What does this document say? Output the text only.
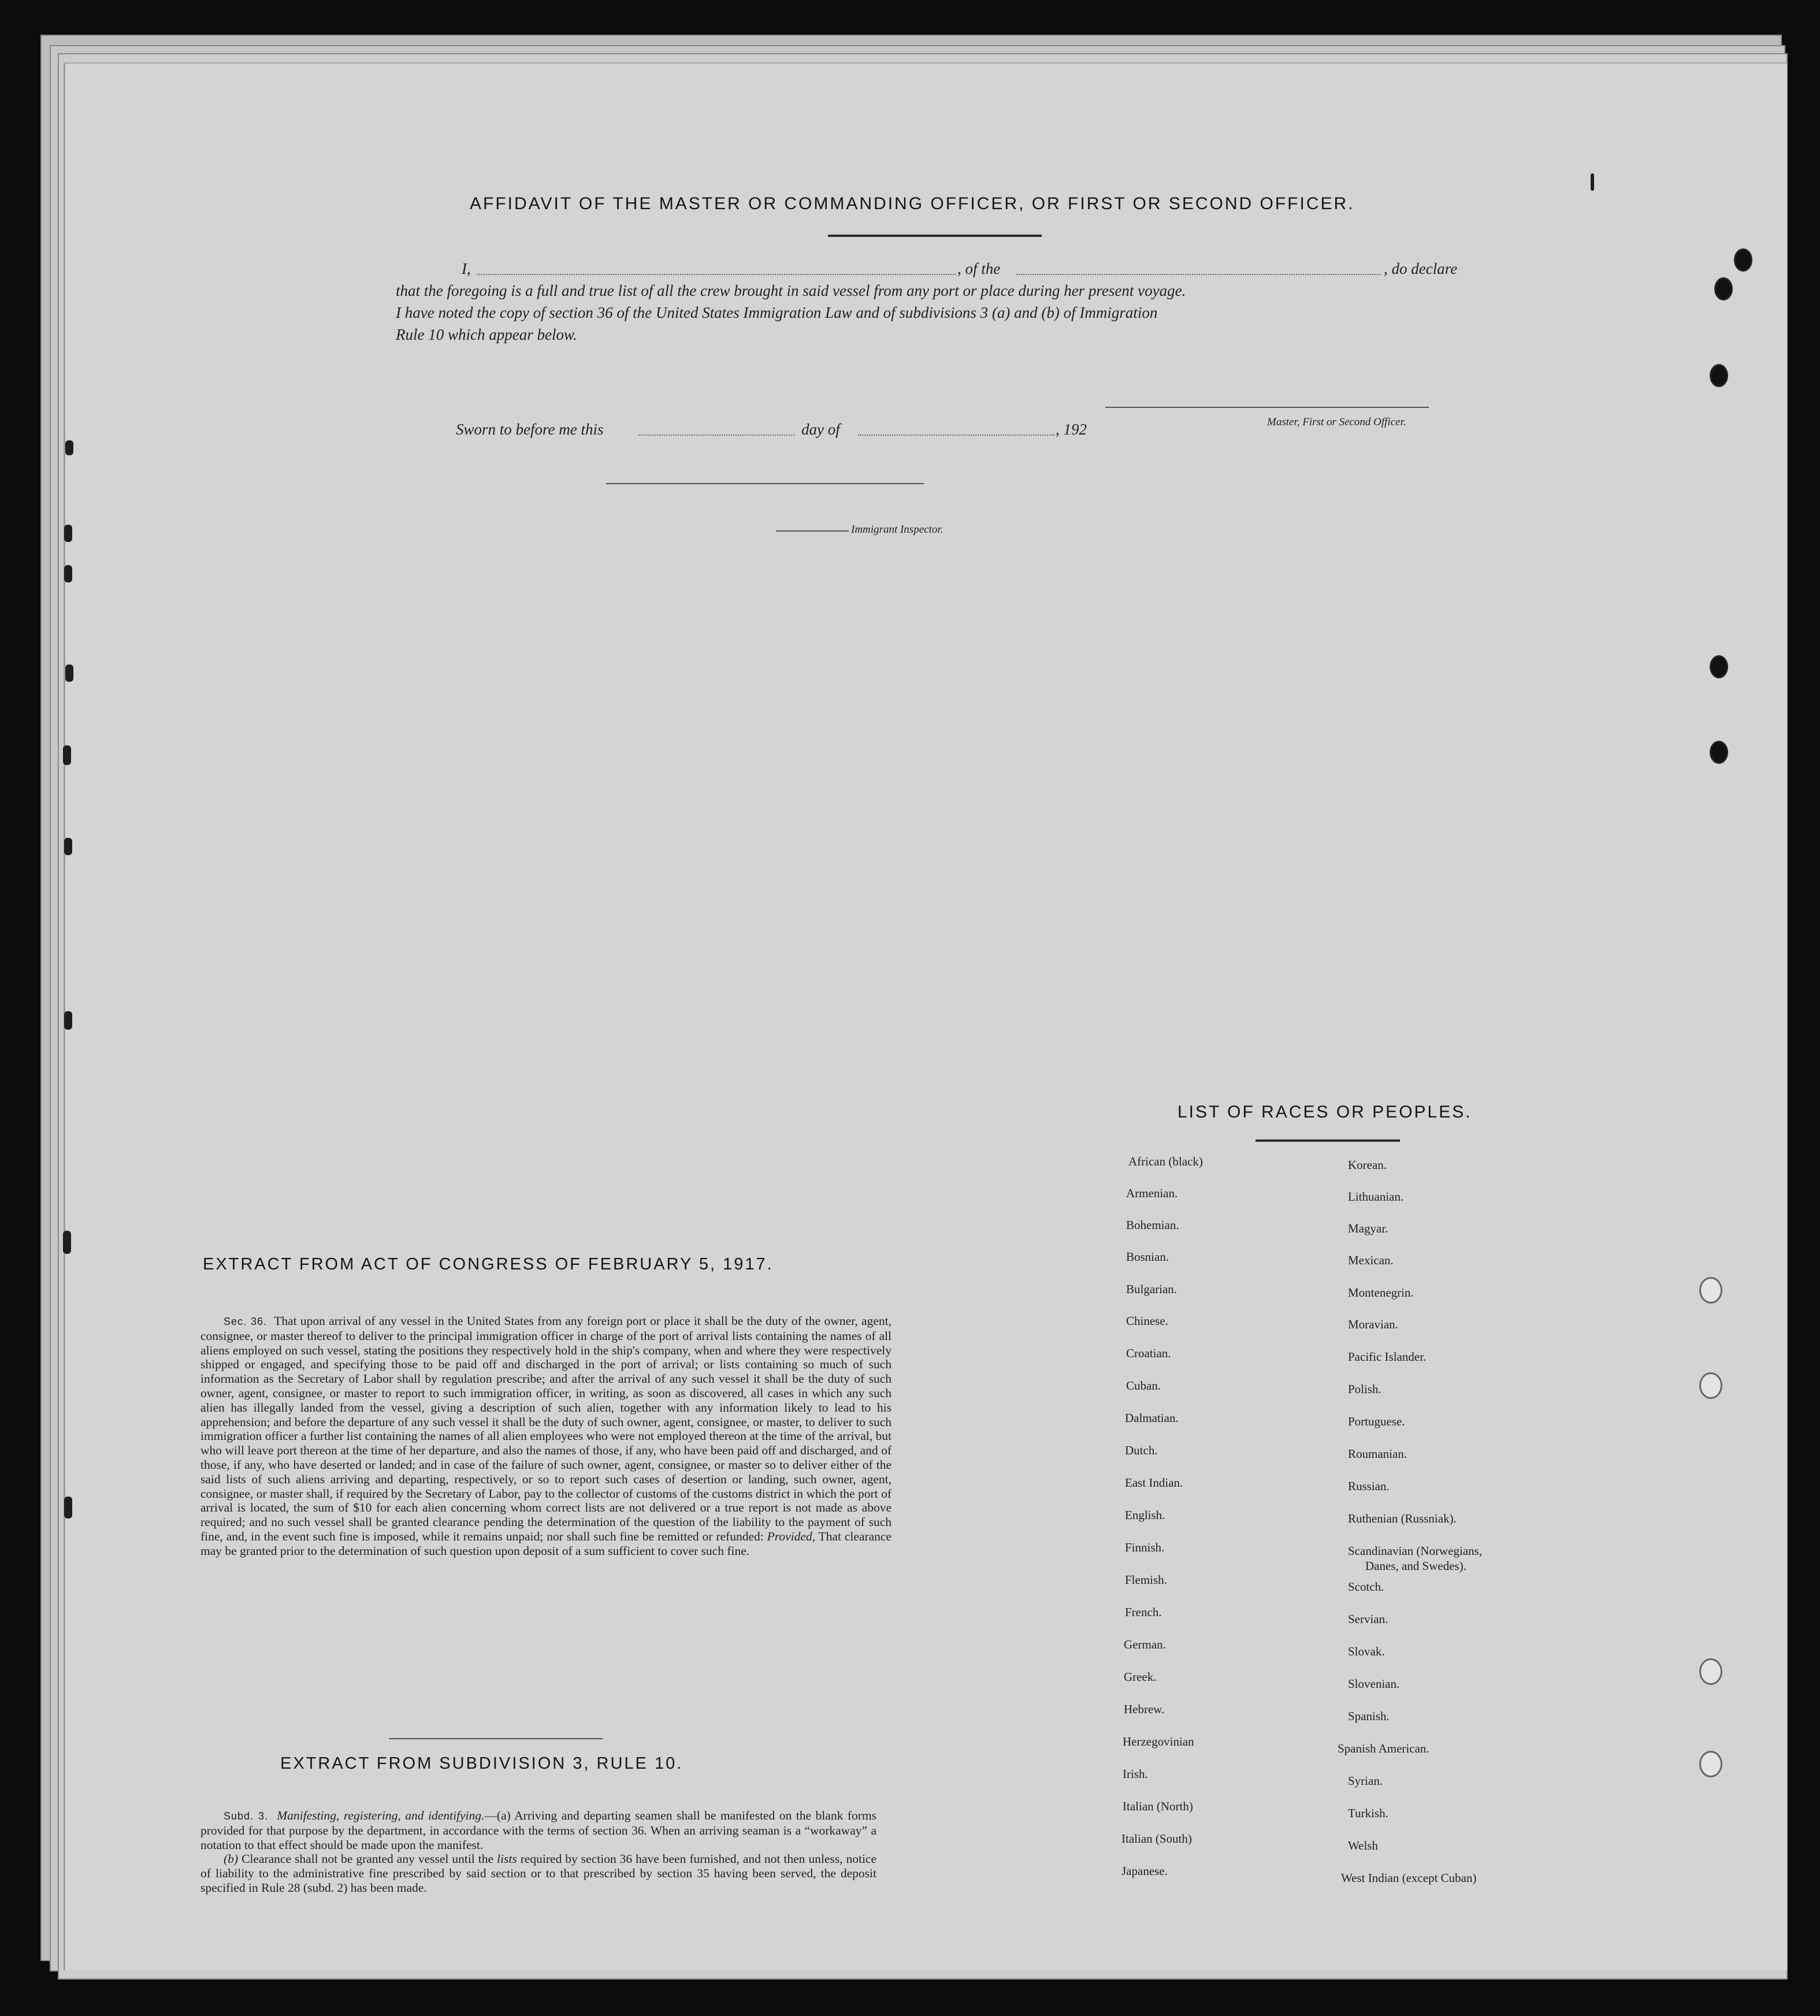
AFFIDAVIT OF THE MASTER OR COMMANDING OFFICER, OR FIRST OR SECOND OFFICER.
I,	, of the	, do declare
that the foregoing is a full and true list of all the crew brought in said vessel from any port or place during her present voyage.
I have noted the copy of section 36 of the United States Immigration Law and of subdivisions 3 (a) and (b) of Immigration
Rule 10 which appear below.
Master, First or Second Officer.
Sworn to before me this	day of	, 192
Immigrant Inspector.
LIST OF RACES OR PEOPLES.
African (black)
Armenian.
Bohemian.
Bosnian.
Bulgarian.
Chinese.
Croatian.
Cuban.
Dalmatian.
Dutch.
East Indian.
English.
Finnish.
Flemish.
French.
German.
Greek.
Hebrew.
Herzegovinian
Irish.
Italian (North)
Italian (South)
Japanese.
Korean.
Lithuanian.
Magyar.
Mexican.
Montenegrin.
Moravian.
Pacific Islander.
Polish.
Portuguese.
Roumanian.
Russian.
Ruthenian (Russniak).
Scandinavian (Norwegians,
Danes, and Swedes).
Scotch.
Servian.
Slovak.
Slovenian.
Spanish.
Spanish American.
Syrian.
Turkish.
Welsh
West Indian (except Cuban)
EXTRACT FROM ACT OF CONGRESS OF FEBRUARY 5, 1917.

Sec. 36. That upon arrival of any vessel in the United States from any foreign port or place it shall be the duty of the owner, agent, consignee, or master thereof to deliver to the principal immigration officer in charge of the port of arrival lists containing the names of all aliens employed on such vessel, stating the positions they respectively hold in the ship's company, when and where they were respectively shipped or engaged, and specifying those to be paid off and discharged in the port of arrival; or lists containing so much of such information as the Secretary of Labor shall by regulation prescribe; and after the arrival of any such vessel it shall be the duty of such owner, agent, consignee, or master to report to such immigration officer, in writing, as soon as discovered, all cases in which any such alien has illegally landed from the vessel, giving a description of such alien, together with any information likely to lead to his apprehension; and before the departure of any such vessel it shall be the duty of such owner, agent, consignee, or master, to deliver to such immigration officer a further list containing the names of all alien employees who were not employed thereon at the time of the arrival, but who will leave port thereon at the time of her departure, and also the names of those, if any, who have been paid off and discharged, and of those, if any, who have deserted or landed; and in case of the failure of such owner, agent, consignee, or master so to deliver either of the said lists of such aliens arriving and departing, respectively, or so to report such cases of desertion or landing, such owner, agent, consignee, or master shall, if required by the Secretary of Labor, pay to the collector of customs of the customs district in which the port of arrival is located, the sum of $10 for each alien concerning whom correct lists are not delivered or a true report is not made as above required; and no such vessel shall be granted clearance pending the determination of the question of the liability to the payment of such fine, and, in the event such fine is imposed, while it remains unpaid; nor shall such fine be remitted or refunded: Provided, That clearance may be granted prior to the determination of such question upon deposit of a sum sufficient to cover such fine.

EXTRACT FROM SUBDIVISION 3, RULE 10.

Subd. 3. Manifesting, registering, and identifying.—(a) Arriving and departing seamen shall be manifested on the blank forms provided for that purpose by the department, in accordance with the terms of section 36. When an arriving seaman is a “workaway” a notation to that effect should be made upon the manifest.

(b) Clearance shall not be granted any vessel until the lists required by section 36 have been furnished, and not then unless, notice of liability to the administrative fine prescribed by said section or to that prescribed by section 35 having been served, the deposit specified in Rule 28 (subd. 2) has been made.
